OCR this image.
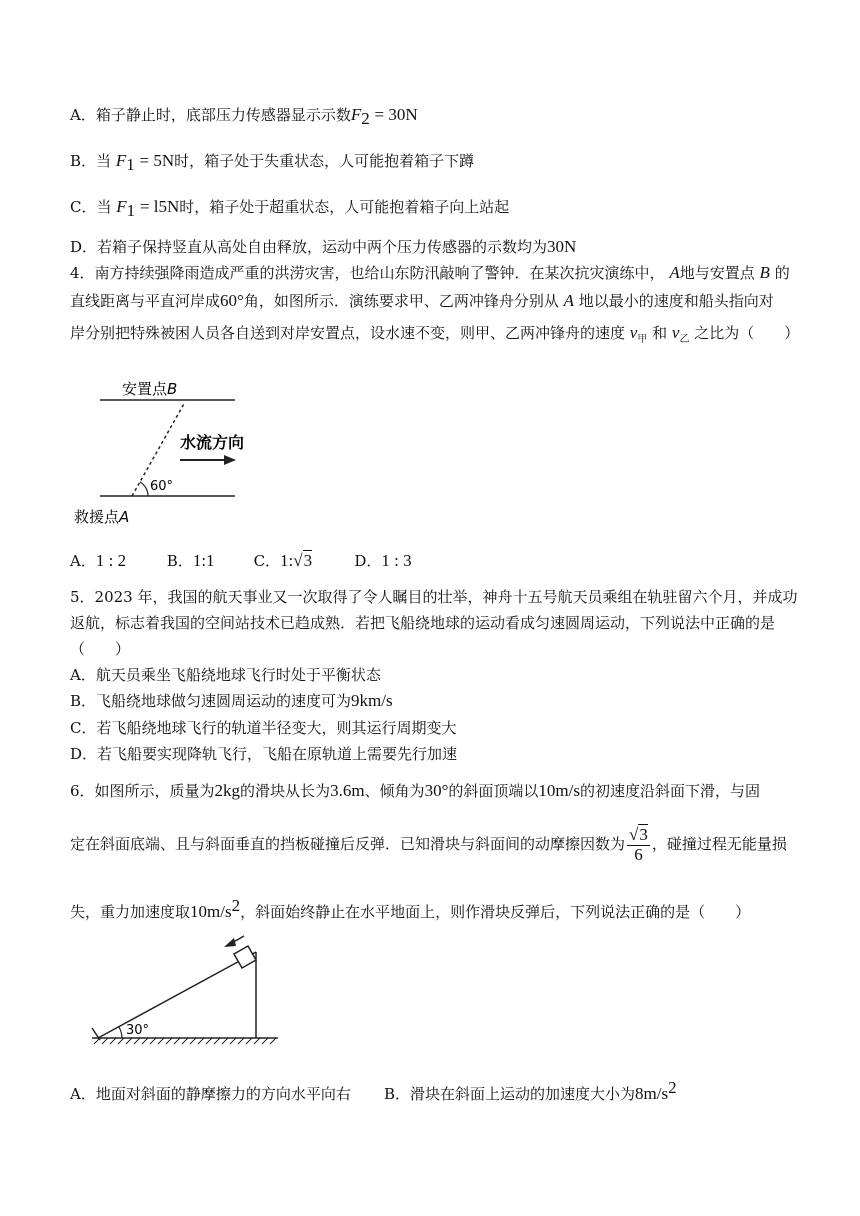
A．箱子静止时，底部压力传感器显示示数$F_2 = 30N$
B．当 $F_1 = 5N$时，箱子处于失重状态，人可能抱着箱子下蹲
C．当 $F_1 = l5N$时，箱子处于超重状态，人可能抱着箱子向上站起
D．若箱子保持竖直从高处自由释放，运动中两个压力传感器的示数均为30N
4．南方持续强降雨造成严重的洪涝灾害，也给山东防汛敲响了警钟．在某次抗灾演练中， A地与安置点 B 的
直线距离与平直河岸成60°角，如图所示．演练要求甲、乙两冲锋舟分别从 A 地以最小的速度和船头指向对
岸分别把特殊被困人员各自送到对岸安置点，设水速不变，则甲、乙两冲锋舟的速度 $v_甲$ 和 $v_乙$ 之比为（　　）
安置点B
水流方向
60°
救援点A
A．1 : 2	B．1:1	C．1:√3	D．1 : 3
5．2023 年，我国的航天事业又一次取得了令人瞩目的壮举，神舟十五号航天员乘组在轨驻留六个月，并成功
返航，标志着我国的空间站技术已趋成熟．若把飞船绕地球的运动看成匀速圆周运动，下列说法中正确的是
（　　）
A．航天员乘坐飞船绕地球飞行时处于平衡状态
B．飞船绕地球做匀速圆周运动的速度可为9km/s
C．若飞船绕地球飞行的轨道半径变大，则其运行周期变大
D．若飞船要实现降轨飞行，飞船在原轨道上需要先行加速
6．如图所示，质量为2kg的滑块从长为3.6m、倾角为30°的斜面顶端以10m/s的初速度沿斜面下滑，与固
定在斜面底端、且与斜面垂直的挡板碰撞后反弹．已知滑块与斜面间的动摩擦因数为 $\frac{√3}{6}$ ，碰撞过程无能量损
失，重力加速度取$10m/s^2$，斜面始终静止在水平地面上，则作滑块反弹后，下列说法正确的是（　　）
30°
A．地面对斜面的静摩擦力的方向水平向右 B．滑块在斜面上运动的加速度大小为$8m/s^2$
